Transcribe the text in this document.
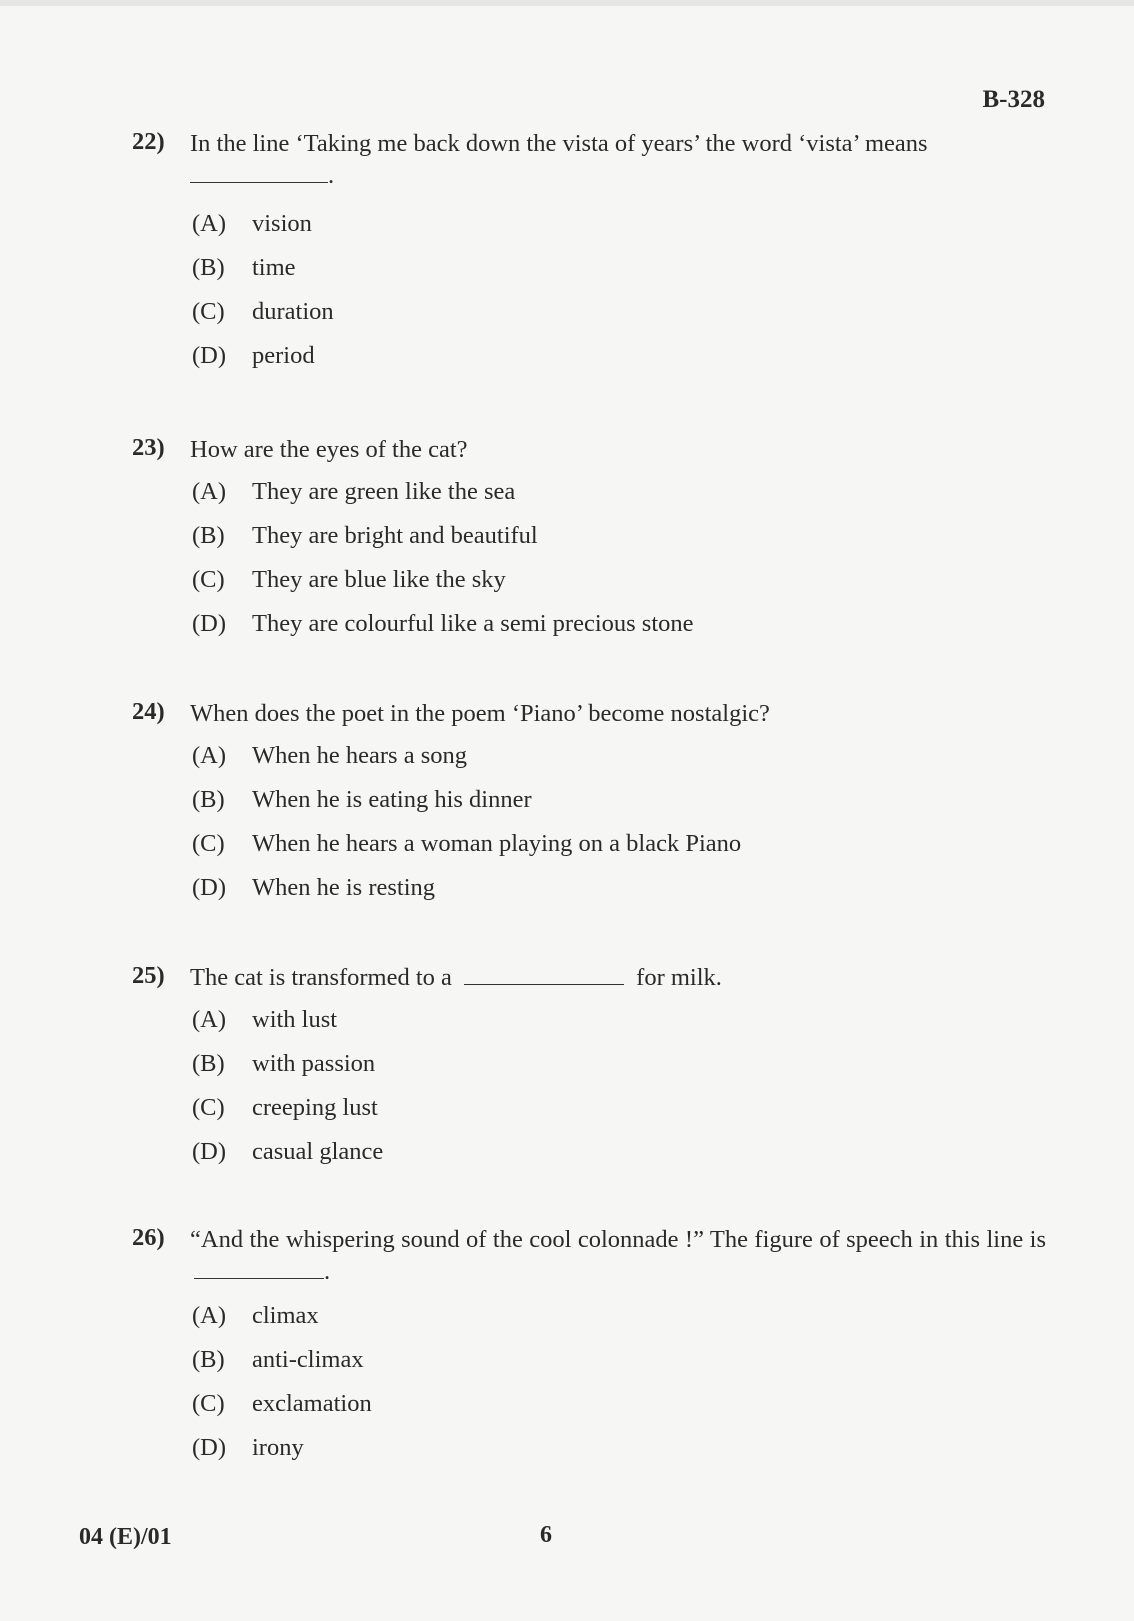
B-328
22)	In the line ‘Taking me back down the vista of years’ the word ‘vista’ means
.
(A)	vision
(B)	time
(C)	duration
(D)	period
23)	How are the eyes of the cat?
(A)	They are green like the sea
(B)	They are bright and beautiful
(C)	They are blue like the sky
(D)	They are colourful like a semi precious stone
24)	When does the poet in the poem ‘Piano’ become nostalgic?
(A)	When he hears a song
(B)	When he is eating his dinner
(C)	When he hears a woman playing on a black Piano
(D)	When he is resting
25)	The cat is transformed to a	for milk.
(A)	with lust
(B)	with passion
(C)	creeping lust
(D)	casual glance
26)	“And the whispering sound of the cool colonnade !” The figure of speech in this line is .
(A)	climax
(B)	anti-climax
(C)	exclamation
(D)	irony
04 (E)/01	6
